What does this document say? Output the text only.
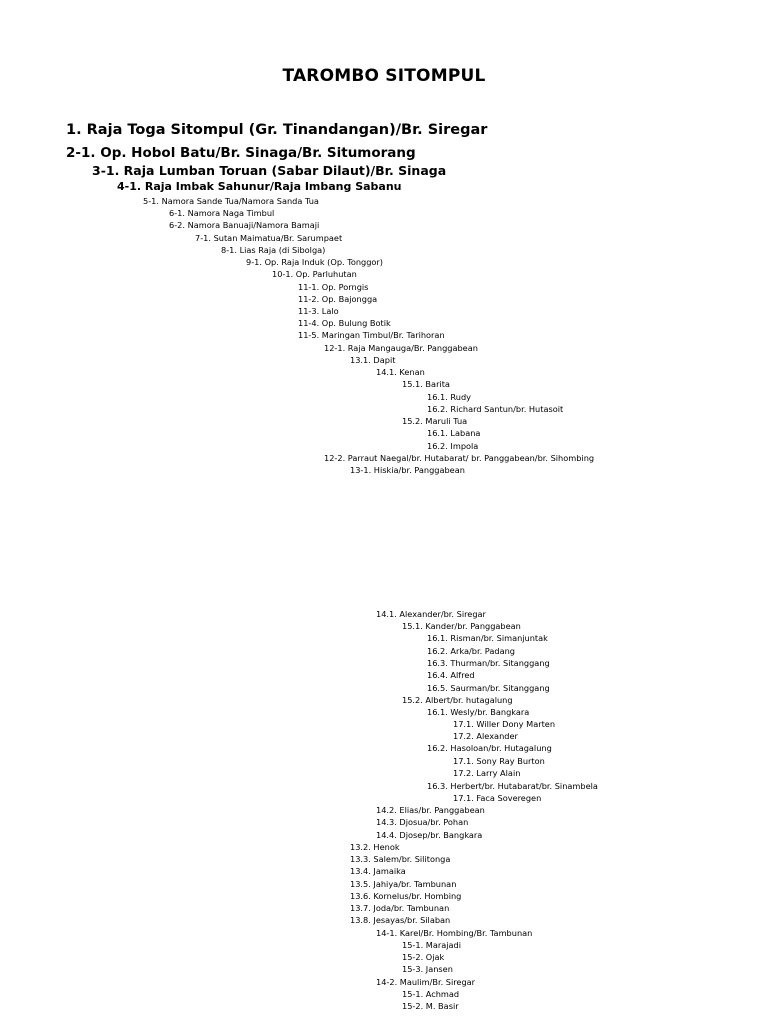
TAROMBO SITOMPUL
1. Raja Toga Sitompul (Gr. Tinandangan)/Br. Siregar
2-1. Op. Hobol Batu/Br. Sinaga/Br. Situmorang
3-1. Raja Lumban Toruan (Sabar Dilaut)/Br. Sinaga
4-1. Raja Imbak Sahunur/Raja Imbang Sabanu
5-1. Namora Sande Tua/Namora Sanda Tua
6-1. Namora Naga Timbul
6-2. Namora Banuaji/Namora Bamaji
7-1. Sutan Maimatua/Br. Sarumpaet
8-1. Lias Raja (di Sibolga)
9-1. Op. Raja Induk (Op. Tonggor)
10-1. Op. Parluhutan
11-1. Op. Porngis
11-2. Op. Bajongga
11-3. Lalo
11-4. Op. Bulung Botik
11-5. Maringan Timbul/Br. Tarihoran
12-1. Raja Mangauga/Br. Panggabean
13.1. Dapit
14.1. Kenan
15.1. Barita
16.1. Rudy
16.2. Richard Santun/br. Hutasoit
15.2. Maruli Tua
16.1. Labana
16.2. Impola
12-2. Parraut Naegal/br. Hutabarat/ br. Panggabean/br. Sihombing
13-1. Hiskia/br. Panggabean
14.1. Alexander/br. Siregar
15.1. Kander/br. Panggabean
16.1. Risman/br. Simanjuntak
16.2. Arka/br. Padang
16.3. Thurman/br. Sitanggang
16.4. Alfred
16.5. Saurman/br. Sitanggang
15.2. Albert/br. hutagalung
16.1. Wesly/br. Bangkara
17.1. Willer Dony Marten
17.2. Alexander
16.2. Hasoloan/br. Hutagalung
17.1. Sony Ray Burton
17.2. Larry Alain
16.3. Herbert/br. Hutabarat/br. Sinambela
17.1. Faca Soveregen
14.2. Elias/br. Panggabean
14.3. Djosua/br. Pohan
14.4. Djosep/br. Bangkara
13.2. Henok
13.3. Salem/br. Silitonga
13.4. Jamaika
13.5. Jahiya/br. Tambunan
13.6. Kornelus/br. Hombing
13.7. Joda/br. Tambunan
13.8. Jesayas/br. Silaban
14-1. Karel/Br. Hombing/Br. Tambunan
15-1. Marajadi
15-2. Ojak
15-3. Jansen
14-2. Maulim/Br. Siregar
15-1. Achmad
15-2. M. Basir
